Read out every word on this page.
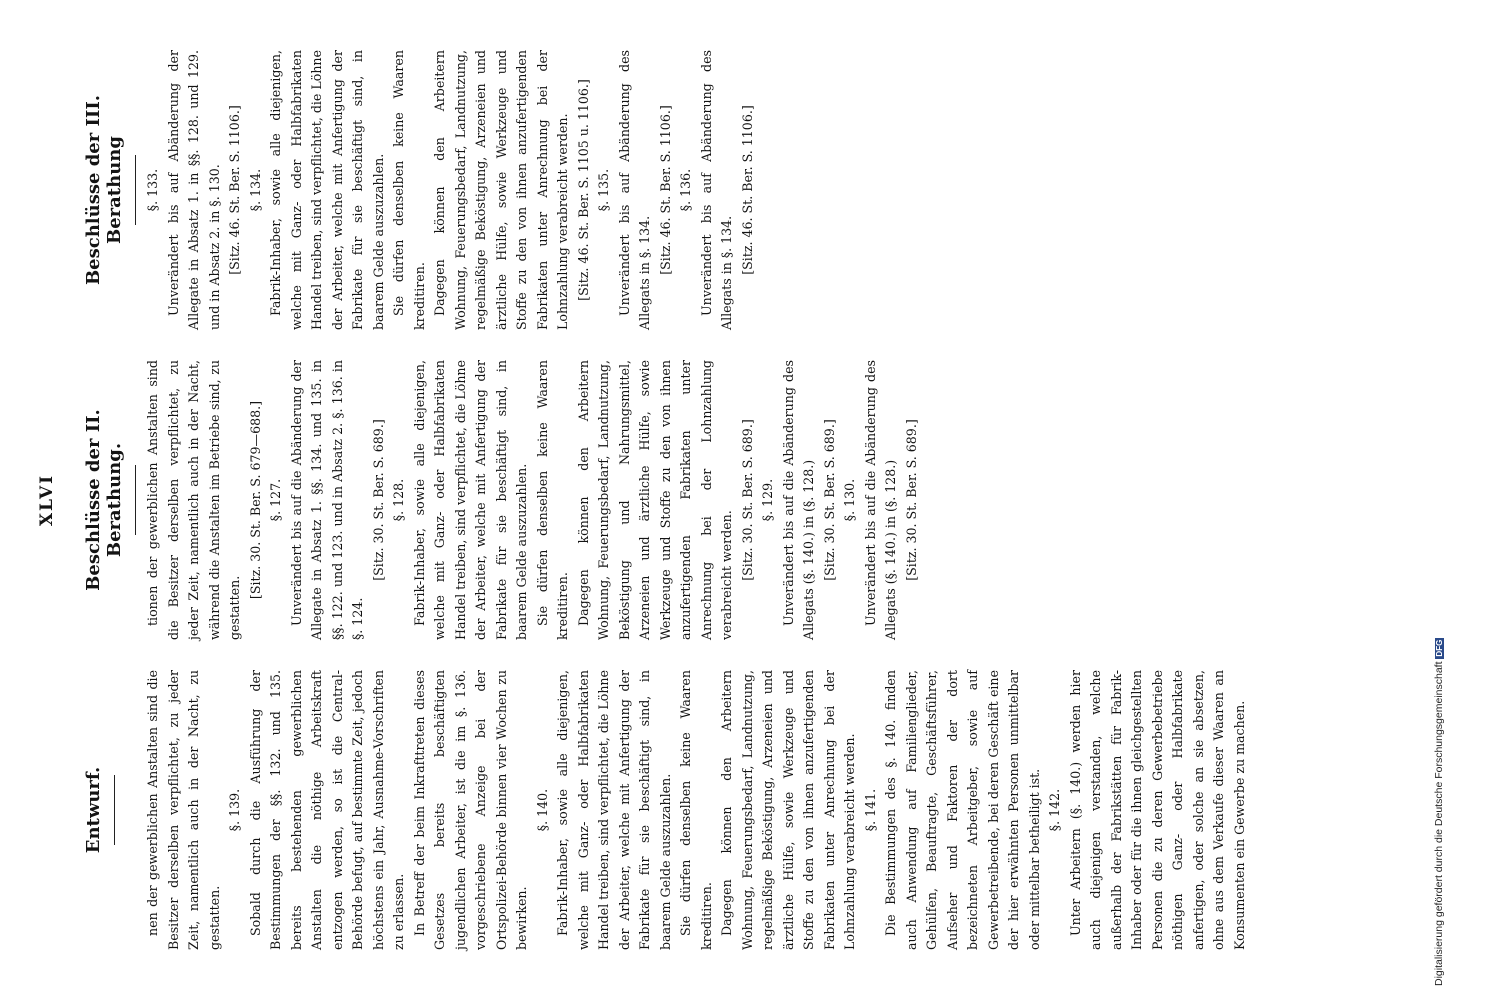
XLVI
Entwurf.	nen der gewerblichen Anstalten sind die Besitzer derselben verpflichtet, zu jeder Zeit, namentlich auch in der Nacht, zu gestatten.

§. 139. Sobald durch die Ausführung der Bestimmungen der §§. 132. und 135. bereits bestehenden gewerblichen Anstalten die nöthige Arbeitskraft entzogen werden, so ist die Central-Behörde befugt, auf bestimmte Zeit, jedoch höchstens ein Jahr, Ausnahme-Vorschriften zu erlassen. In Betreff der beim Inkrafttreten dieses Gesetzes bereits beschäftigten jugendlichen Arbeiter, ist die im §. 136. vorgeschriebene Anzeige bei der Ortspolizei-Behörde binnen vier Wochen zu bewirken.

§. 140. Fabrik-Inhaber, sowie alle diejenigen, welche mit Ganz- oder Halbfabrikaten Handel treiben, sind verpflichtet, die Löhne der Arbeiter, welche mit Anfertigung der Fabrikate für sie beschäftigt sind, in baarem Gelde auszuzahlen. Sie dürfen denselben keine Waaren kreditiren. Dagegen können den Arbeitern Wohnung, Feuerungsbedarf, Landnutzung, regelmäßige Beköstigung, Arzeneien und ärztliche Hülfe, sowie Werkzeuge und Stoffe zu den von ihnen anzufertigenden Fabrikaten unter Anrechnung bei der Lohnzahlung verabreicht werden. §. 141. Die Bestimmungen des §. 140. finden auch Anwendung auf Familienglieder, Gehülfen, Beauftragte, Geschäftsführer, Aufseher und Faktoren der dort bezeichneten Arbeitgeber, sowie auf Gewerbetreibende, bei deren Geschäft eine der hier erwähnten Personen unmittelbar oder mittelbar betheiligt ist. §. 142. Unter Arbeitern (§. 140.) werden hier auch diejenigen verstanden, welche außerhalb der Fabrikstätten für Fabrik-Inhaber oder für die ihnen gleichgestellten Personen die zu deren Gewerbebetriebe nöthigen Ganz- oder Halbfabrikate anfertigen, oder solche an sie absetzen, ohne aus dem Verkaufe dieser Waaren an Konsumenten ein Gewerbe zu machen.

Beschlüsse der II. Berathung.	tionen der gewerblichen Anstalten sind die Besitzer derselben verpflichtet, zu jeder Zeit, namentlich auch in der Nacht, während die Anstalten im Betriebe sind, zu gestatten.

[Sitz. 30. St. Ber. S. 679—688.] §. 127. Unverändert bis auf die Abänderung der Allegate in Absatz 1. §§. 134. und 135. in §§. 122. und 123. und in Absatz 2. §. 136. in §. 124.

[Sitz. 30. St. Ber. S. 689.] §. 128. Fabrik-Inhaber, sowie alle diejenigen, welche mit Ganz- oder Halbfabrikaten Handel treiben, sind verpflichtet, die Löhne der Arbeiter, welche mit Anfertigung der Fabrikate für sie beschäftigt sind, in baarem Gelde auszuzahlen. Sie dürfen denselben keine Waaren kreditiren. Dagegen können den Arbeitern Wohnung, Feuerungsbedarf, Landnutzung, Beköstigung und Nahrungsmittel, Arzeneien und ärztliche Hülfe, sowie Werkzeuge und Stoffe zu den von ihnen anzufertigenden Fabrikaten unter Anrechnung bei der Lohnzahlung verabreicht werden. [Sitz. 30. St. Ber. S. 689.] §. 129. Unverändert bis auf die Abänderung des Allegats (§. 140.) in (§. 128.) [Sitz. 30. St. Ber. S. 689.] §. 130. Unverändert bis auf die Abänderung des Allegats (§. 140.) in (§. 128.) [Sitz. 30. St. Ber. S. 689.]

Beschlüsse der III. Berathung	§. 133. Unverändert bis auf Abänderung der Allegate in Absatz 1. in §§. 128. und 129. und in Absatz 2. in §. 130. [Sitz. 46. St. Ber. S. 1106.] §. 134. Fabrik-Inhaber, sowie alle diejenigen, welche mit Ganz- oder Halbfabrikaten Handel treiben, sind verpflichtet, die Löhne der Arbeiter, welche mit Anfertigung der Fabrikate für sie beschäftigt sind, in baarem Gelde auszuzahlen. Sie dürfen denselben keine Waaren kreditiren. Dagegen können den Arbeitern Wohnung, Feuerungsbedarf, Landnutzung, regelmäßige Beköstigung, Arzeneien und ärztliche Hülfe, sowie Werkzeuge und Stoffe zu den von ihnen anzufertigenden Fabrikaten unter Anrechnung bei der Lohnzahlung verabreicht werden. [Sitz. 46. St. Ber. S. 1105 u. 1106.] §. 135. Unverändert bis auf Abänderung des Allegats in §. 134. [Sitz. 46. St. Ber. S. 1106.] §. 136. Unverändert bis auf Abänderung des Allegats in §. 134. [Sitz. 46. St. Ber. S. 1106.]

Digitalisierung gefördert durch die Deutsche Forschungsgemeinschaft DFG
